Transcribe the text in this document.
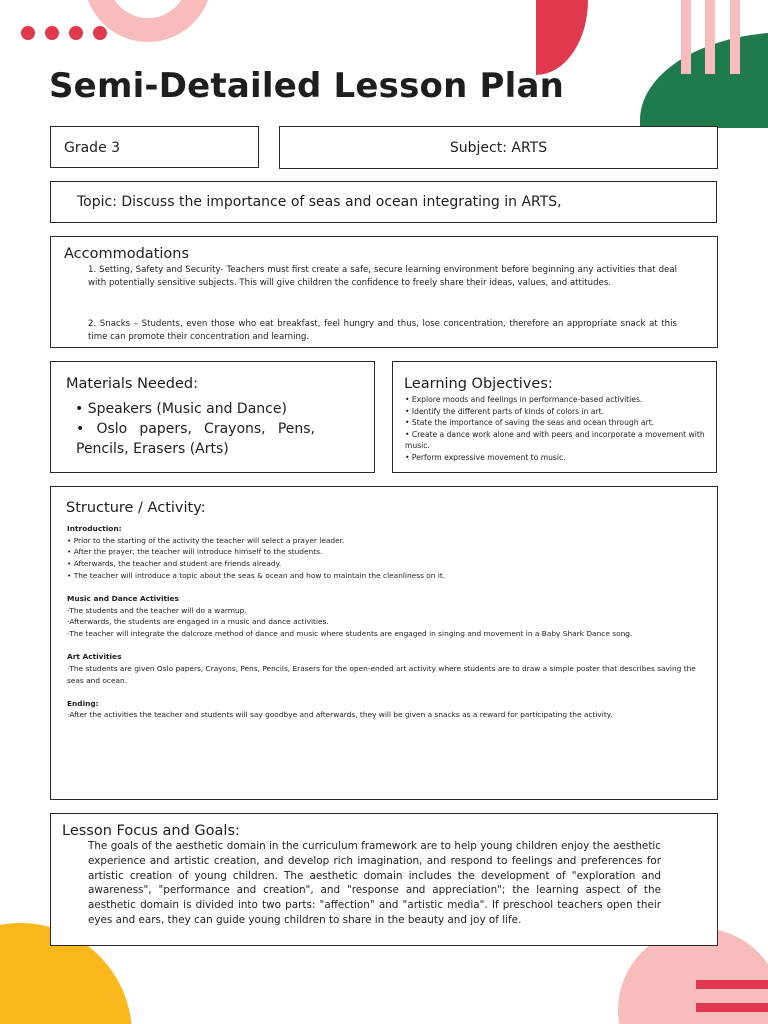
Semi-Detailed Lesson Plan
Grade 3	Subject: ARTS
Topic: Discuss the importance of seas and ocean integrating in ARTS,
Accommodations
1. Setting, Safety and Security- Teachers must first create a safe, secure learning environment before beginning any activities that deal with potentially sensitive subjects. This will give children the confidence to freely share their ideas, values, and attitudes.
2. Snacks – Students, even those who eat breakfast, feel hungry and thus, lose concentration, therefore an appropriate snack at this time can promote their concentration and learning.
Materials Needed:
• Speakers (Music and Dance)
• Oslo papers, Crayons, Pens, Pencils, Erasers (Arts)
Learning Objectives:
• Explore moods and feelings in performance-based activities.
• Identify the different parts of kinds of colors in art.
• State the importance of saving the seas and ocean through art.
• Create a dance work alone and with peers and incorporate a movement with music.
• Perform expressive movement to music.
Structure / Activity:
Introduction:
• Prior to the starting of the activity the teacher will select a prayer leader.
• After the prayer, the teacher will introduce himself to the students.
• Afterwards, the teacher and student are friends already.
• The teacher will introduce a topic about the seas & ocean and how to maintain the cleanliness on it.
Music and Dance Activities
·The students and the teacher will do a warmup.
·Afterwards, the students are engaged in a music and dance activities.
·The teacher will integrate the dalcroze method of dance and music where students are engaged in singing and movement in a Baby Shark Dance song.
Art Activities
·The students are given Oslo papers, Crayons, Pens, Pencils, Erasers for the open-ended art activity where students are to draw a simple poster that describes saving the seas and ocean.
Ending:
·After the activities the teacher and students will say goodbye and afterwards, they will be given a snacks as a reward for participating the activity.
Lesson Focus and Goals:
The goals of the aesthetic domain in the curriculum framework are to help young children enjoy the aesthetic experience and artistic creation, and develop rich imagination, and respond to feelings and preferences for artistic creation of young children. The aesthetic domain includes the development of "exploration and awareness", "performance and creation", and "response and appreciation"; the learning aspect of the aesthetic domain is divided into two parts: "affection" and "artistic media". If preschool teachers open their eyes and ears, they can guide young children to share in the beauty and joy of life.
